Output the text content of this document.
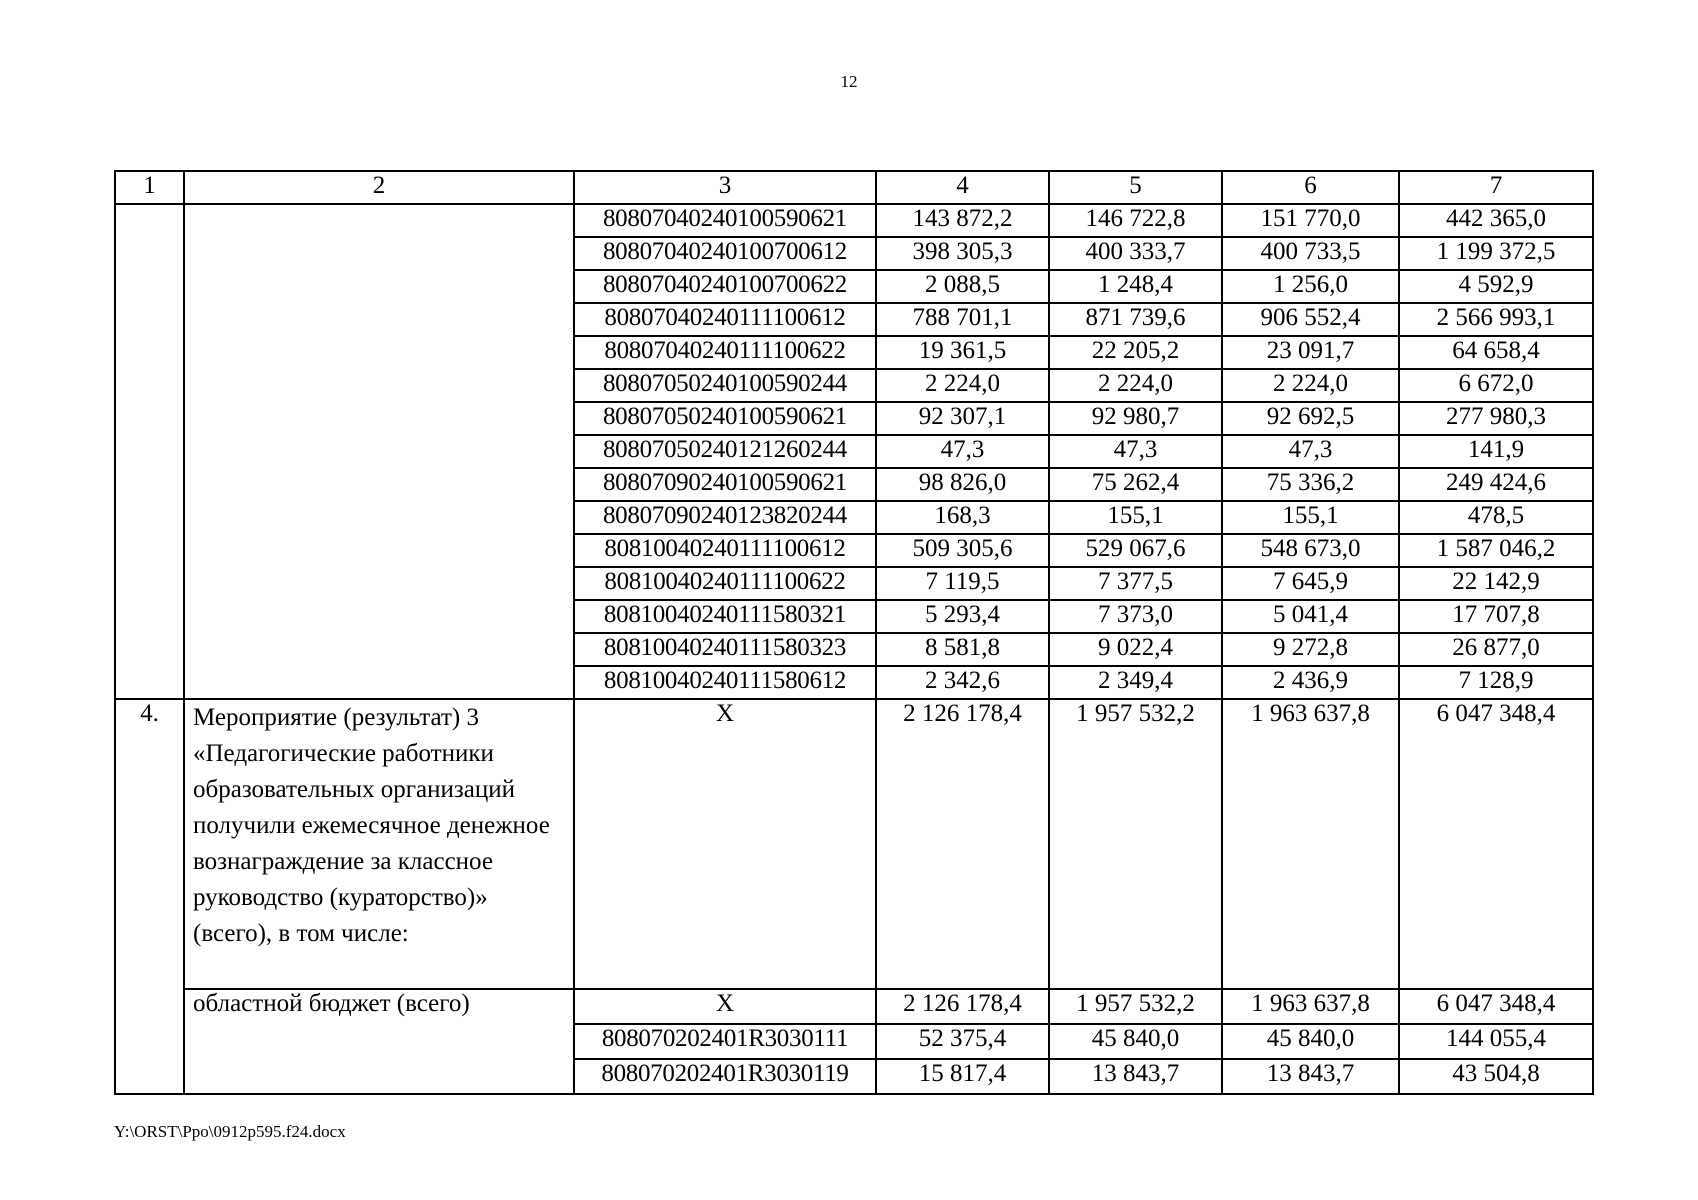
12
1	2	3	4	5	6	7
		80807040240100590621	143 872,2	146 722,8	151 770,0	442 365,0
		80807040240100700612	398 305,3	400 333,7	400 733,5	1 199 372,5
		80807040240100700622	2 088,5	1 248,4	1 256,0	4 592,9
		80807040240111100612	788 701,1	871 739,6	906 552,4	2 566 993,1
		80807040240111100622	19 361,5	22 205,2	23 091,7	64 658,4
		80807050240100590244	2 224,0	2 224,0	2 224,0	6 672,0
		80807050240100590621	92 307,1	92 980,7	92 692,5	277 980,3
		80807050240121260244	47,3	47,3	47,3	141,9
		80807090240100590621	98 826,0	75 262,4	75 336,2	249 424,6
		80807090240123820244	168,3	155,1	155,1	478,5
		80810040240111100612	509 305,6	529 067,6	548 673,0	1 587 046,2
		80810040240111100622	7 119,5	7 377,5	7 645,9	22 142,9
		80810040240111580321	5 293,4	7 373,0	5 041,4	17 707,8
		80810040240111580323	8 581,8	9 022,4	9 272,8	26 877,0
		80810040240111580612	2 342,6	2 349,4	2 436,9	7 128,9
4.	Мероприятие (результат) 3 «Педагогические работники образовательных организаций получили ежемесячное денежное вознаграждение за классное руководство (кураторство)» (всего), в том числе:	X	2 126 178,4	1 957 532,2	1 963 637,8	6 047 348,4
	областной бюджет (всего)	X	2 126 178,4	1 957 532,2	1 963 637,8	6 047 348,4
		808070202401R3030111	52 375,4	45 840,0	45 840,0	144 055,4
		808070202401R3030119	15 817,4	13 843,7	13 843,7	43 504,8
Y:\ORST\Ppo\0912p595.f24.docx
